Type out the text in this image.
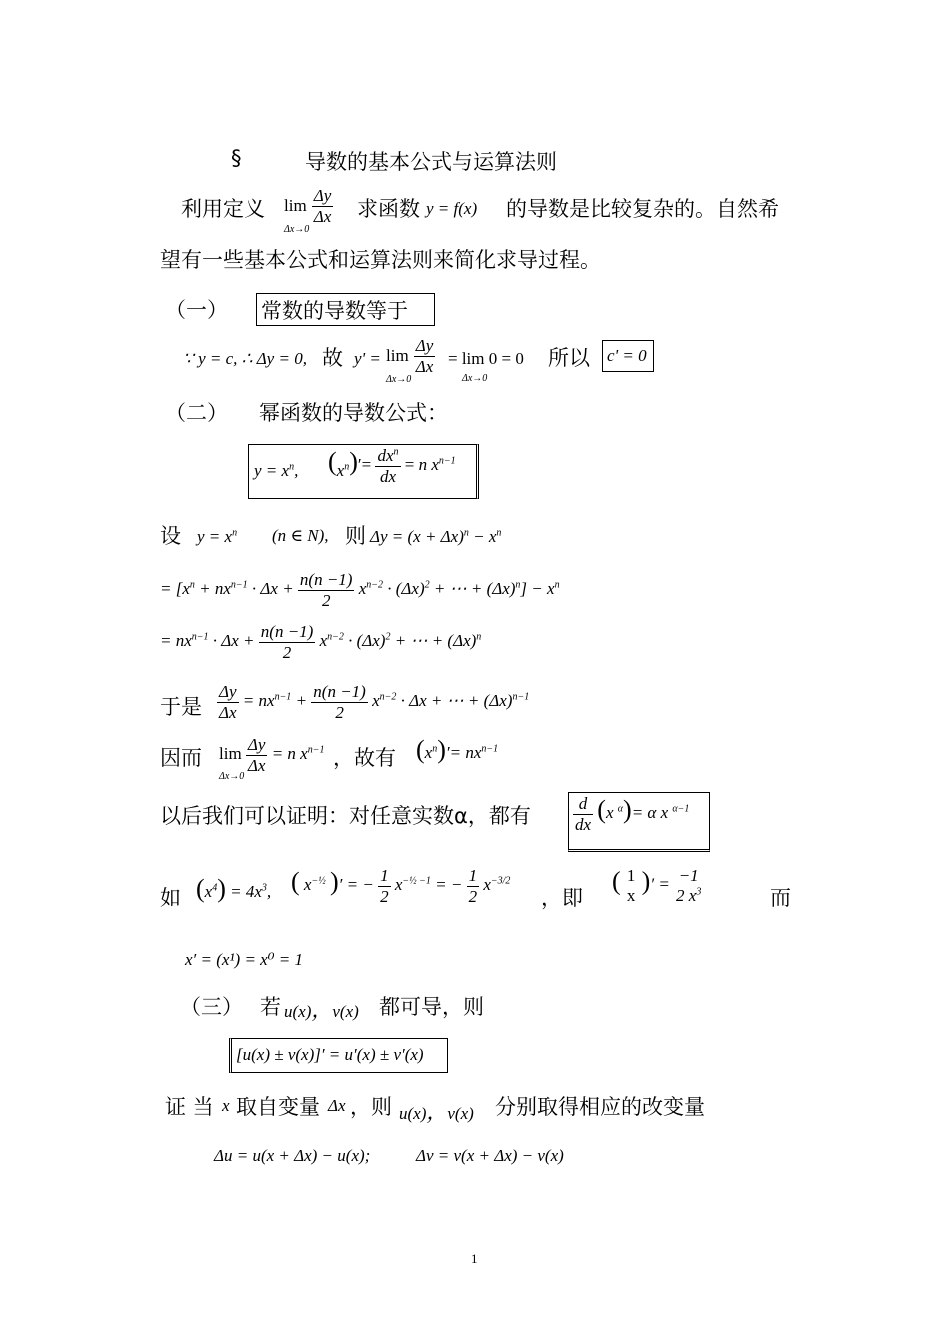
§	导数的基本公式与运算法则
利用定义 $\lim \frac{\Delta y}{\Delta x}$
Δx→0
求函数 y = f(x) 的导数是比较复杂的。自然希
望有一些基本公式和运算法则来简化求导过程。
（一） 常数的导数等于
∵ y = c, ∴ Δy = 0, 故 $y' = \lim \frac{\Delta y}{\Delta x}$
Δx→0
= lim 0 = 0
Δx→0
所以 c' = 0
（二） 幂函数的导数公式：
$y = x^n$, $(x^n)'= \frac{dx^n}{dx} = n$ $x^{n-1}$
设 $y = x^n$ (n ∈ N), 则 $\Delta y = (x + \Delta x)^n - x^n$
= [$x^n + nx^{n-1} \cdot \Delta x + \frac{n(n -1)}{2} x^{n-2} \cdot (\Delta x)^2$ + ⋯ + $(\Delta x)^n] - x^n$
= $nx^{n-1} \cdot \Delta x + \frac{n(n -1)}{2} x^{n-2} \cdot (\Delta x)^2$ + ⋯ + $(\Delta x)^n$
于是 $\frac{\Delta y}{\Delta x} = nx^{n-1} + \frac{n(n -1)}{2} x^{n-2} \cdot \Delta x$ + ⋯ + $(\Delta x)^{n-1}$
因而 $\lim \frac{\Delta y}{\Delta x} = n$ $x^{n-1}$
Δx→0
，故有 $(x^n)'= nx^{n-1}$
以后我们可以证明：对任意实数α，都有 $\frac{d}{dx} (x$ $^\alpha$)= α x $^{\alpha-1}$
如 $(x^4) = 4x^3$, ( $x^{-\frac{1}{2}}$ )′ = − $\frac{1}{2} x^{-\frac{1}{2} -1}$ = − $\frac{1}{2} x^{-3/2}$
，即
( 1
x )′ = −1
2 $x^3$	而
x′ = (x¹) = x⁰ = 1
（三） 若 u(x)，v(x) 都可导，则
[u(x) ± v(x)]′ = u′(x) ± v′(x)
证 当 x 取自变量 Δx ，则 u(x)，v(x) 分别取得相应的改变量
Δu = u(x + Δx) − u(x);	Δv = v(x + Δx) − v(x)
1
